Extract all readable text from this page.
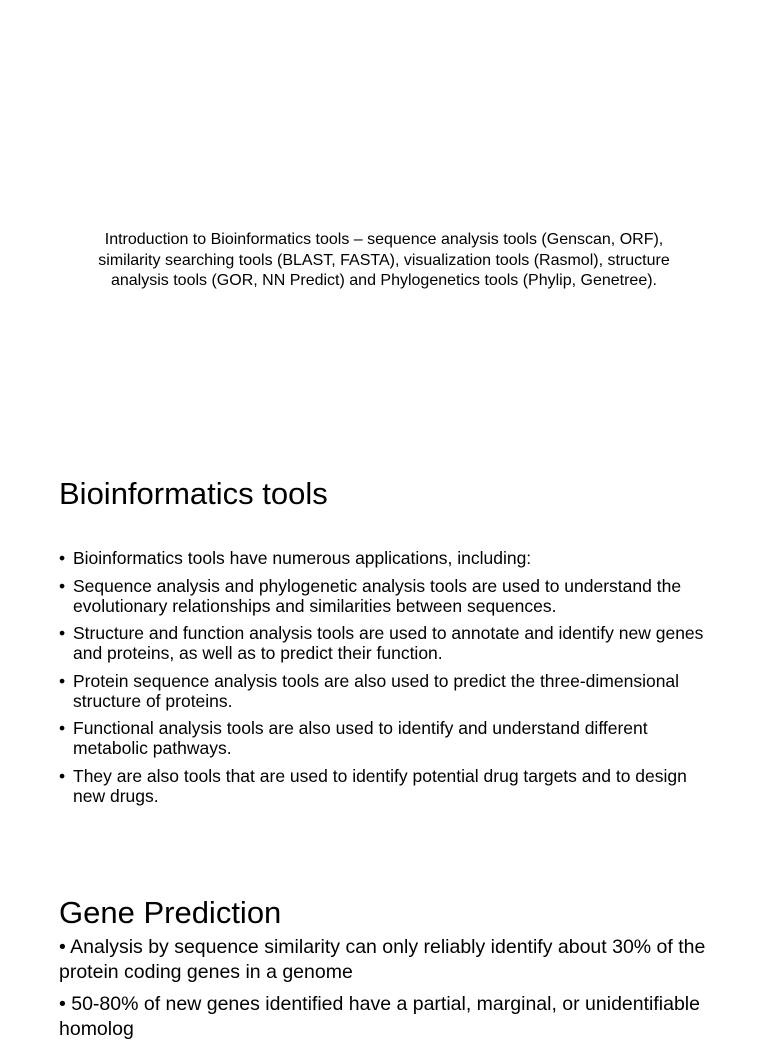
Introduction to Bioinformatics tools – sequence analysis tools (Genscan, ORF), similarity searching tools (BLAST, FASTA), visualization tools (Rasmol), structure analysis tools (GOR, NN Predict) and Phylogenetics tools (Phylip, Genetree).
Bioinformatics tools
• Bioinformatics tools have numerous applications, including:
• Sequence analysis and phylogenetic analysis tools are used to understand the evolutionary relationships and similarities between sequences.
• Structure and function analysis tools are used to annotate and identify new genes and proteins, as well as to predict their function.
• Protein sequence analysis tools are also used to predict the three-dimensional structure of proteins.
• Functional analysis tools are also used to identify and understand different metabolic pathways.
• They are also tools that are used to identify potential drug targets and to design new drugs.
Gene Prediction
• Analysis by sequence similarity can only reliably identify about 30% of the protein coding genes in a genome
• 50-80% of new genes identified have a partial, marginal, or unidentifiable homolog
